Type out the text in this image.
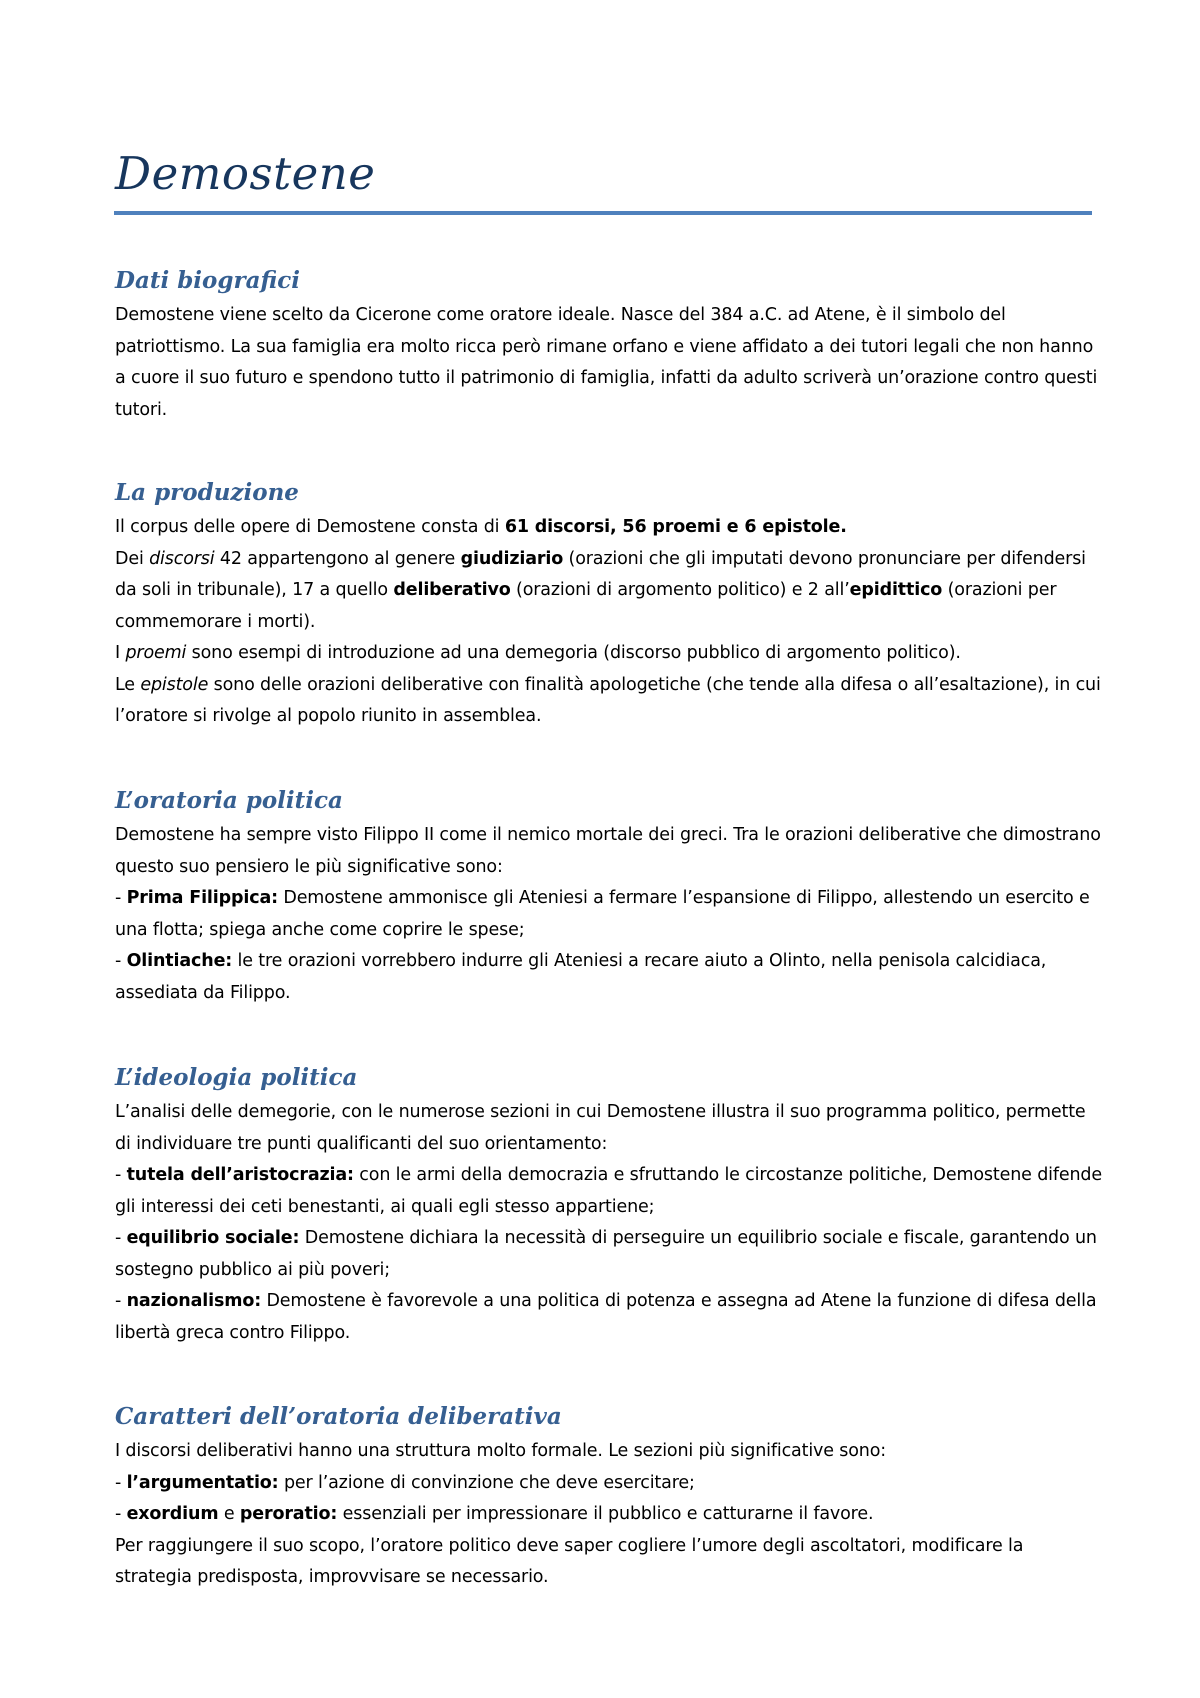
Demostene
Dati biografici

Demostene viene scelto da Cicerone come oratore ideale. Nasce del 384 a.C. ad Atene, è il simbolo del patriottismo. La sua famiglia era molto ricca però rimane orfano e viene affidato a dei tutori legali che non hanno a cuore il suo futuro e spendono tutto il patrimonio di famiglia, infatti da adulto scriverà un’orazione contro questi tutori.

La produzione

Il corpus delle opere di Demostene consta di 61 discorsi, 56 proemi e 6 epistole.
Dei discorsi 42 appartengono al genere giudiziario (orazioni che gli imputati devono pronunciare per difendersi da soli in tribunale), 17 a quello deliberativo (orazioni di argomento politico) e 2 all’epidittico (orazioni per commemorare i morti).
I proemi sono esempi di introduzione ad una demegoria (discorso pubblico di argomento politico).
Le epistole sono delle orazioni deliberative con finalità apologetiche (che tende alla difesa o all’esaltazione), in cui l’oratore si rivolge al popolo riunito in assemblea.

L’oratoria politica

Demostene ha sempre visto Filippo II come il nemico mortale dei greci. Tra le orazioni deliberative che dimostrano questo suo pensiero le più significative sono:
- Prima Filippica: Demostene ammonisce gli Ateniesi a fermare l’espansione di Filippo, allestendo un esercito e una flotta; spiega anche come coprire le spese;
- Olintiache: le tre orazioni vorrebbero indurre gli Ateniesi a recare aiuto a Olinto, nella penisola calcidiaca, assediata da Filippo.

L’ideologia politica

L’analisi delle demegorie, con le numerose sezioni in cui Demostene illustra il suo programma politico, permette di individuare tre punti qualificanti del suo orientamento:
- tutela dell’aristocrazia: con le armi della democrazia e sfruttando le circostanze politiche, Demostene difende gli interessi dei ceti benestanti, ai quali egli stesso appartiene;
- equilibrio sociale: Demostene dichiara la necessità di perseguire un equilibrio sociale e fiscale, garantendo un sostegno pubblico ai più poveri;
- nazionalismo: Demostene è favorevole a una politica di potenza e assegna ad Atene la funzione di difesa della libertà greca contro Filippo.

Caratteri dell’oratoria deliberativa

I discorsi deliberativi hanno una struttura molto formale. Le sezioni più significative sono:
- l’argumentatio: per l’azione di convinzione che deve esercitare;
- exordium e peroratio: essenziali per impressionare il pubblico e catturarne il favore.
Per raggiungere il suo scopo, l’oratore politico deve saper cogliere l’umore degli ascoltatori, modificare la strategia predisposta, improvvisare se necessario.
